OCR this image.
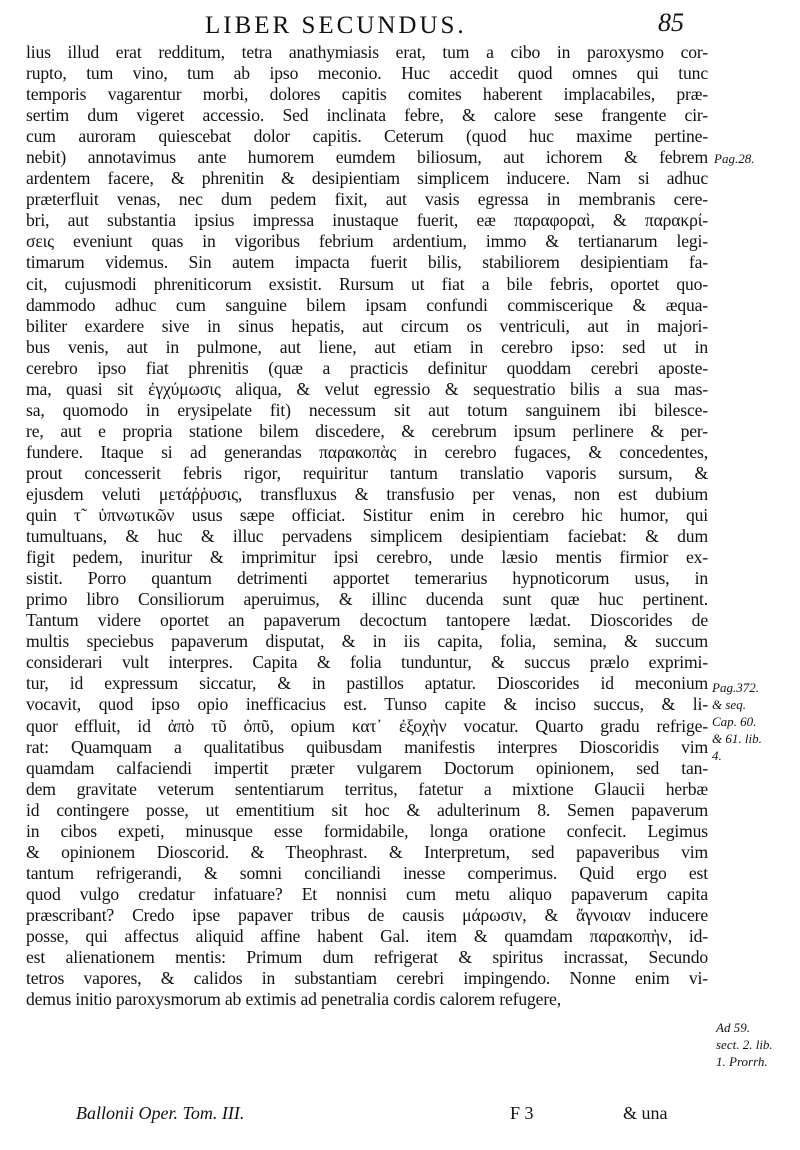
LIBER SECUNDUS.	85
lius illud erat redditum, tetra anathymiasis erat, tum a cibo in paroxysmo cor-
rupto, tum vino, tum ab ipso meconio. Huc accedit quod omnes qui tunc
temporis vagarentur morbi, dolores capitis comites haberent implacabiles, præ-
sertim dum vigeret accessio. Sed inclinata febre, & calore sese frangente cir-
cum auroram quiescebat dolor capitis. Ceterum (quod huc maxime pertine-
nebit) annotavimus ante humorem eumdem biliosum, aut ichorem & febrem
ardentem facere, & phrenitin & desipientiam simplicem inducere. Nam si adhuc
præterfluit venas, nec dum pedem fixit, aut vasis egressa in membranis cere-
bri, aut substantia ipsius impressa inustaque fuerit, eæ παραφοραὶ, & παρακρί-
σεις eveniunt quas in vigoribus febrium ardentium, immo & tertianarum legi-
timarum videmus. Sin autem impacta fuerit bilis, stabiliorem desipientiam fa-
cit, cujusmodi phreniticorum exsistit. Rursum ut fiat a bile febris, oportet quo-
dammodo adhuc cum sanguine bilem ipsam confundi commiscerique & æqua-
biliter exardere sive in sinus hepatis, aut circum os ventriculi, aut in majori-
bus venis, aut in pulmone, aut liene, aut etiam in cerebro ipso: sed ut in
cerebro ipso fiat phrenitis (quæ a practicis definitur quoddam cerebri aposte-
ma, quasi sit ἐγχύμωσις aliqua, & velut egressio & sequestratio bilis a sua mas-
sa, quomodo in erysipelate fit) necessum sit aut totum sanguinem ibi bilesce-
re, aut e propria statione bilem discedere, & cerebrum ipsum perlinere & per-
fundere. Itaque si ad generandas παρακοπὰς in cerebro fugaces, & concedentes,
prout concesserit febris rigor, requiritur tantum translatio vaporis sursum, &
ejusdem veluti μετάῤῥυσις, transfluxus & transfusio per venas, non est dubium
quin τ̃ ὑπνωτικῶν usus sæpe officiat. Sistitur enim in cerebro hic humor, qui
tumultuans, & huc & illuc pervadens simplicem desipientiam faciebat: & dum
figit pedem, inuritur & imprimitur ipsi cerebro, unde læsio mentis firmior ex-
sistit. Porro quantum detrimenti apportet temerarius hypnoticorum usus, in
primo libro Consiliorum aperuimus, & illinc ducenda sunt quæ huc pertinent.
Tantum videre oportet an papaverum decoctum tantopere lædat. Dioscorides de
multis speciebus papaverum disputat, & in iis capita, folia, semina, & succum
considerari vult interpres. Capita & folia tunduntur, & succus prælo exprimi-
tur, id expressum siccatur, & in pastillos aptatur. Dioscorides id meconium
vocavit, quod ipso opio inefficacius est. Tunso capite & inciso succus, & li-
quor effluit, id ἀπὸ τῦ ὀπῦ, opium κατ᾽ ἐξοχὴν vocatur. Quarto gradu refrige-
rat: Quamquam a qualitatibus quibusdam manifestis interpres Dioscoridis vim
quamdam calfaciendi impertit præter vulgarem Doctorum opinionem, sed tan-
dem gravitate veterum sententiarum territus, fatetur a mixtione Glaucii herbæ
id contingere posse, ut ementitium sit hoc & adulterinum 8. Semen papaverum
in cibos expeti, minusque esse formidabile, longa oratione confecit. Legimus
& opinionem Dioscorid. & Theophrast. & Interpretum, sed papaveribus vim
tantum refrigerandi, & somni conciliandi inesse comperimus. Quid ergo est
quod vulgo credatur infatuare? Et nonnisi cum metu aliquo papaverum capita
præscribant? Credo ipse papaver tribus de causis μάρωσιν, & ἄγνοιαν inducere
posse, qui affectus aliquid affine habent Gal. item & quamdam παρακοπὴν, id-
est alienationem mentis: Primum dum refrigerat & spiritus incrassat, Secundo
tetros vapores, & calidos in substantiam cerebri impingendo. Nonne enim vi-
demus initio paroxysmorum ab extimis ad penetralia cordis calorem refugere,
Pag.28.
Pag.372.
& seq.
Cap. 60.
& 61. lib.
4.
Ad 59.
sect. 2. lib.
1. Prorrh.
Ballonii Oper. Tom. III.	F 3	& una
